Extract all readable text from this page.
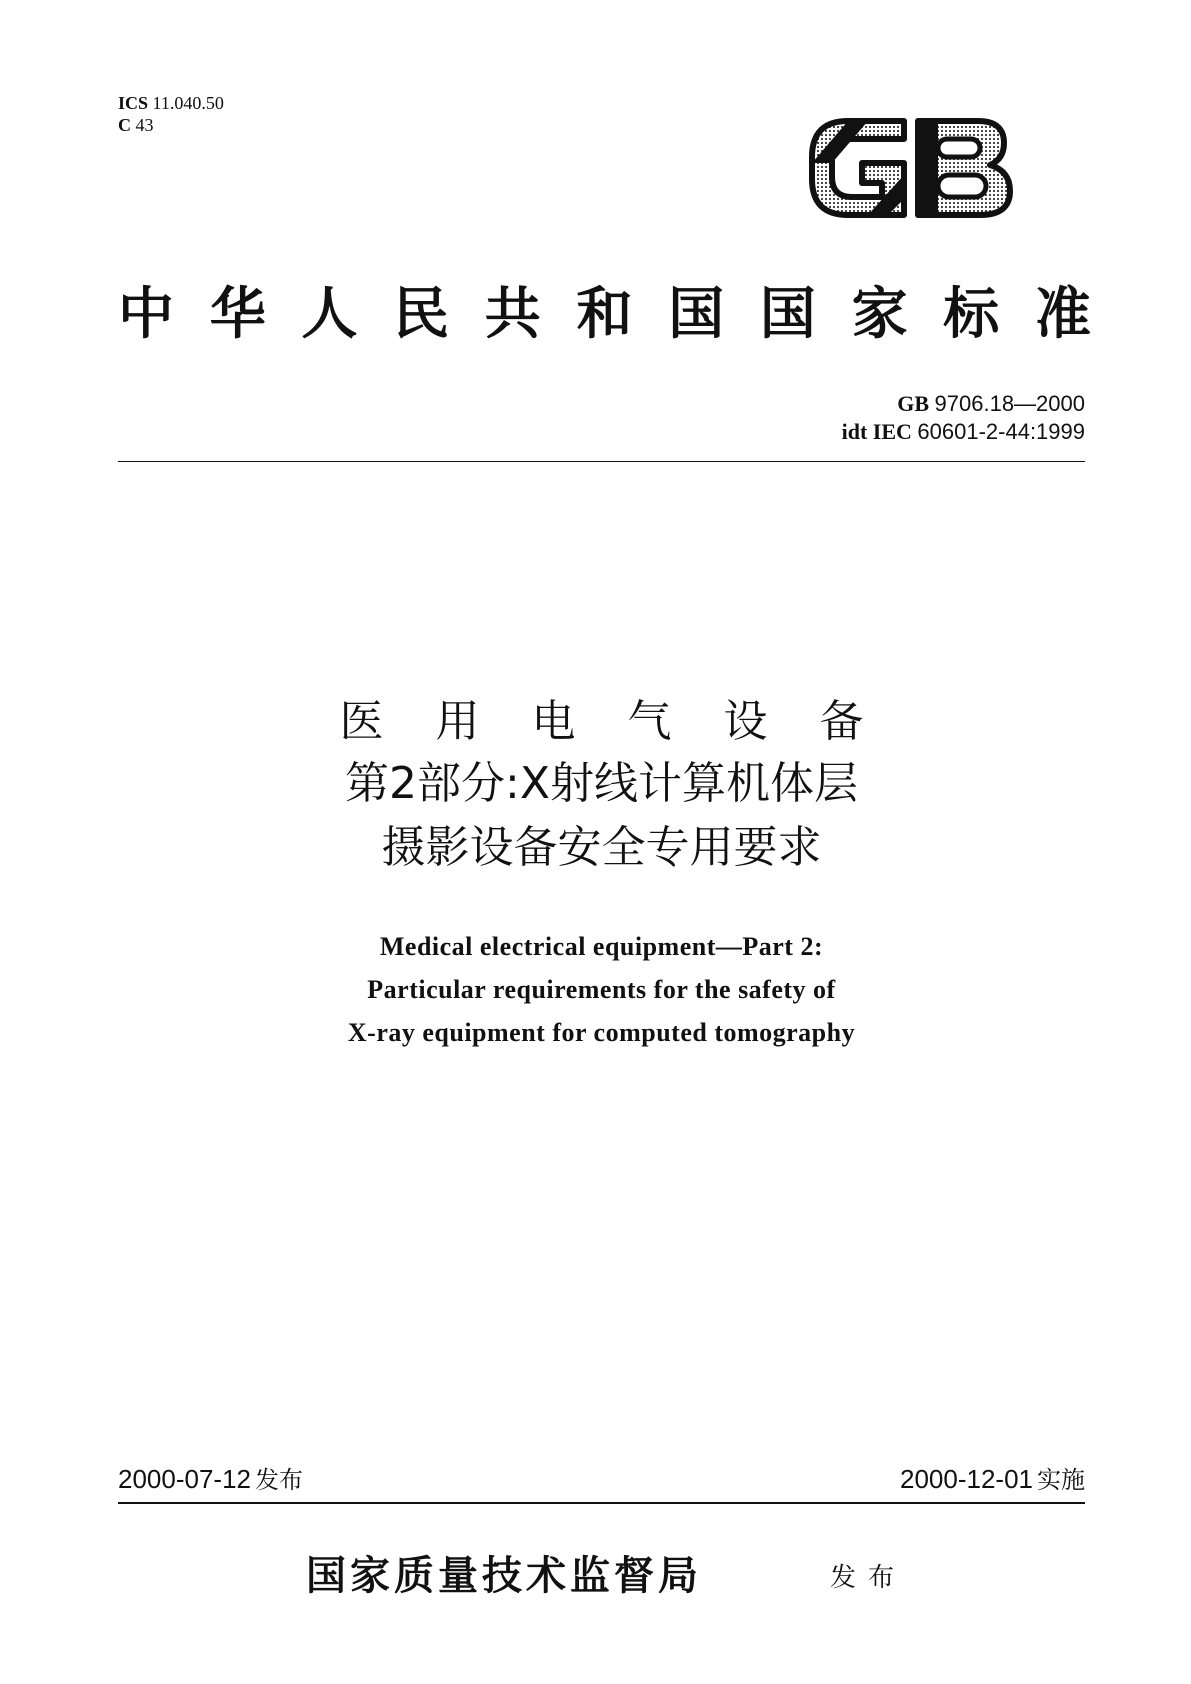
ICS 11.040.50
C 43
中华人民共和国国家标准
GB 9706.18—2000
idt IEC 60601-2-44:1999
医用电气设备
第2部分:X射线计算机体层
摄影设备安全专用要求
Medical electrical equipment—Part 2:
Particular requirements for the safety of
X-ray equipment for computed tomography
2000-07-12 发布	2000-12-01 实施
国家质量技术监督局	发布
